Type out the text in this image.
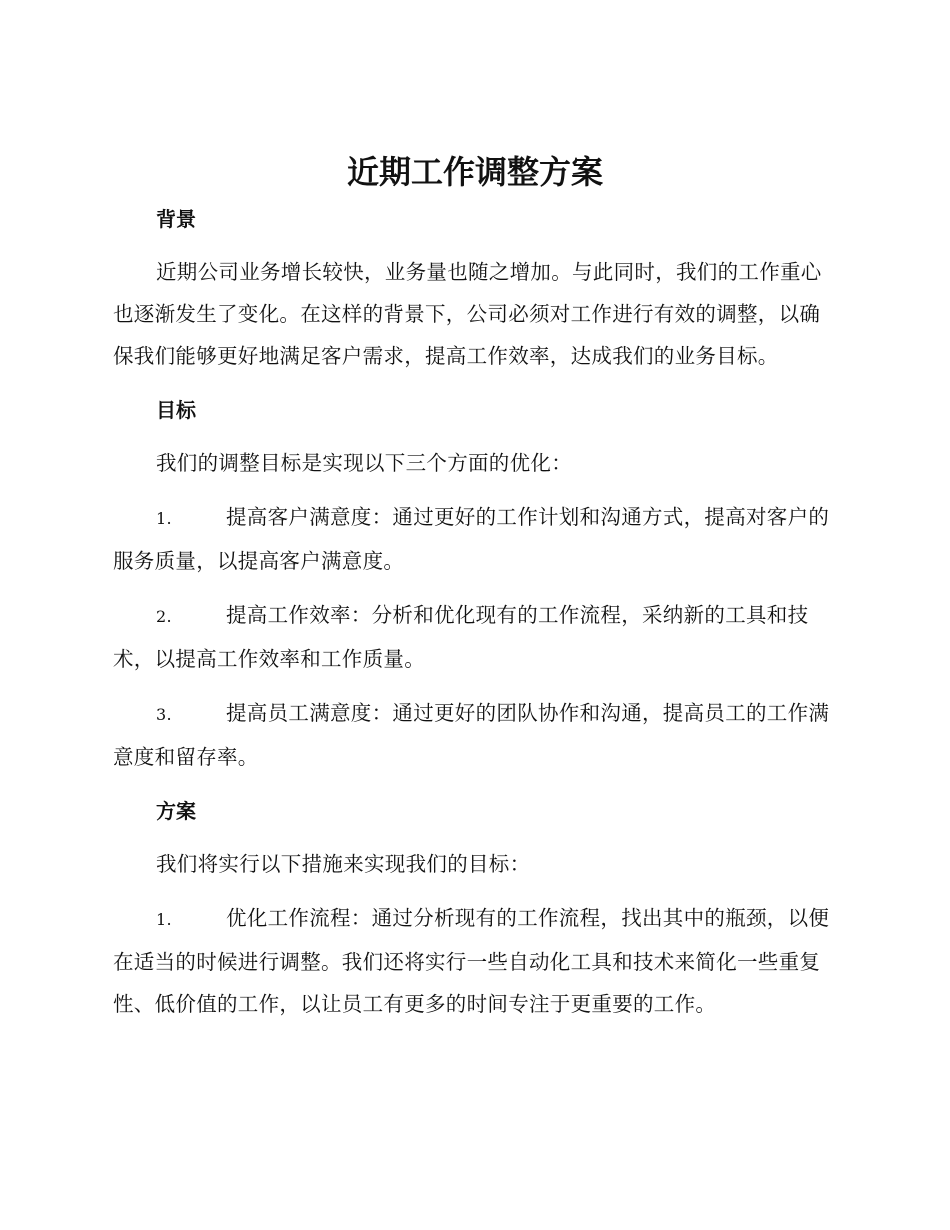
近期工作调整方案
背景

近期公司业务增长较快，业务量也随之增加。与此同时，我们的工作重心也逐渐发生了变化。在这样的背景下，公司必须对工作进行有效的调整，以确保我们能够更好地满足客户需求，提高工作效率，达成我们的业务目标。

目标

我们的调整目标是实现以下三个方面的优化：

1.	提高客户满意度：通过更好的工作计划和沟通方式，提高对客户的服务质量，以提高客户满意度。

2.	提高工作效率：分析和优化现有的工作流程，采纳新的工具和技术，以提高工作效率和工作质量。

3.	提高员工满意度：通过更好的团队协作和沟通，提高员工的工作满意度和留存率。

方案

我们将实行以下措施来实现我们的目标：

1.	优化工作流程：通过分析现有的工作流程，找出其中的瓶颈，以便在适当的时候进行调整。我们还将实行一些自动化工具和技术来简化一些重复性、低价值的工作，以让员工有更多的时间专注于更重要的工作。
